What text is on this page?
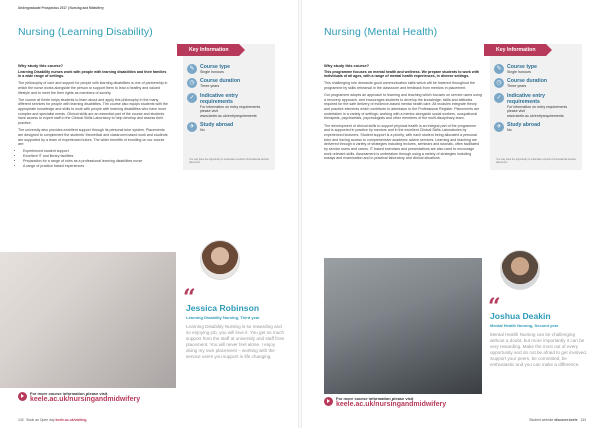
Undergraduate Prospectus 2017 | Nursing and Midwifery
Nursing (Learning Disability)
Why study this course?
Learning Disability nurses work with people with learning disabilities and their families in a wide range of settings.

The philosophy of care and support for people with learning disabilities is one of partnership in which the nurse works alongside the person to support them to lead a healthy and valued lifestyle and to meet the their rights as members of society.

The course at Keele helps students to learn about and apply this philosophy in the many different services for people with learning disabilities. The course also equips students with the appropriate knowledge and skills to work with people with learning disabilities who have more complex and specialist needs. Clinical skills are an essential part of the course and students have access to expert staff in the Clinical Skills Laboratory to help develop and assess their practice.

The university also provides excellent support through its personal tutor system. Placements are designed to complement the students' theoretical and classroom based work and students are supported by a team of experienced tutors. The wider benefits of enrolling on our course are:

• Experienced student support
• Excellent IT and library facilities
• Preparation for a range of roles as a professional learning disabilities nurse
• A range of practice based experiences
Key Information
✎	Course type
Single honours
◷	Course duration
Three years
✓	Indicative entry requirements
For information on entry requirements please visit www.keele.ac.uk/entryrequirements
✈	Study abroad
No
You may have the opportunity to undertake a period of international elective placement.
“
Jessica Robinson
Learning Disability Nursing, Third year
Learning Disability Nursing is so rewarding and so enjoying job, you will love it. You get so much support from the staff at university and staff from placement. You will never feel alone. I enjoy doing my own placement – working with the service users you support in life changing.
For more course information please visit
keele.ac.uk/nursingandmidwifery
132 Book an Open day keele.ac.uk/visiting
Nursing (Mental Health)
Why study this course?
This programme focuses on mental health and wellness. We prepare students to work with individuals of all ages, with a range of mental health experiences, in diverse settings.

This challenging role demands good communication skills which will be fostered throughout the programme by skills rehearsal in the classroom and feedback from mentors in placement.

Our programme adopts an approach to learning and teaching which focuses on service users using a recovery approach, and encourages students to develop the knowledge, skills and attitudes required for the safe delivery of evidence-based mental health care. All modules integrate theory and practice elements which contribute to admission to the Professional Register. Placements are undertaken in a variety of settings, working with a mentor alongside social workers, occupational therapists, psychiatrists, psychologists and other members of the multi-disciplinary team.

The development of clinical skills to support physical health is an integral part of the programme and is supported in practice by mentors and in the excellent Clinical Skills Laboratories by experienced lecturers. Student support is a priority, with each student being allocated a personal tutor and having access to comprehensive academic advice services. Learning and teaching are delivered through a variety of strategies including lectures, seminars and tutorials, often facilitated by service users and carers. IT based exercises and presentations are also used to encourage work relevant skills. Assessment is undertaken through using a variety of strategies including essays and examination and in practical laboratory and clinical situations.

Key Information
✎	Course type
Single honours
◷	Course duration
Three years
✓	Indicative entry requirements
For information on entry requirements please visit www.keele.ac.uk/entryrequirements
✈	Study abroad
No
You may have the opportunity to undertake a period of international elective placement.
“
Joshua Deakin
Mental Health Nursing, Second year
Mental Health Nursing can be challenging without a doubt, but more importantly it can be very rewarding. Make the most out of every opportunity and do not be afraid to get involved. Support your peers, be committed, be enthusiastic and you can make a difference.
For more course information please visit
keele.ac.uk/nursingandmidwifery
Student website discover.keele 133
